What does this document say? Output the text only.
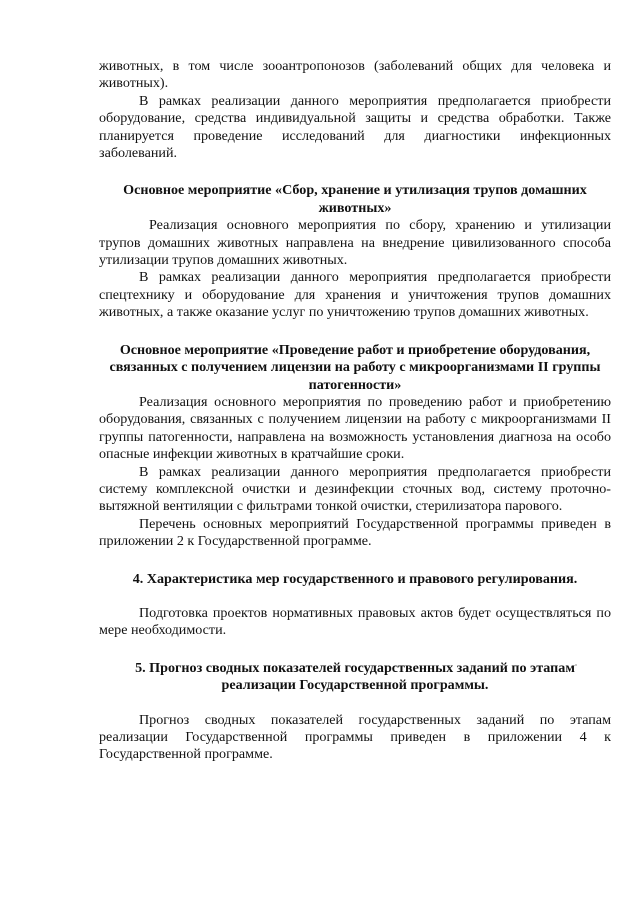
животных, в том числе зооантропонозов (заболеваний общих для человека и животных).

В рамках реализации данного мероприятия предполагается приобрести оборудование, средства индивидуальной защиты и средства обработки. Также планируется проведение исследований для диагностики инфекционных заболеваний.

Основное мероприятие «Сбор, хранение и утилизация трупов домашних животных»

Реализация основного мероприятия по сбору, хранению и утилизации трупов домашних животных направлена на внедрение цивилизованного способа утилизации трупов домашних животных.

В рамках реализации данного мероприятия предполагается приобрести спецтехнику и оборудование для хранения и уничтожения трупов домашних животных, а также оказание услуг по уничтожению трупов домашних животных.

Основное мероприятие «Проведение работ и приобретение оборудования, связанных с получением лицензии на работу с микроорганизмами II группы патогенности»

Реализация основного мероприятия по проведению работ и приобретению оборудования, связанных с получением лицензии на работу с микроорганизмами II группы патогенности, направлена на возможность установления диагноза на особо опасные инфекции животных в кратчайшие сроки.

В рамках реализации данного мероприятия предполагается приобрести систему комплексной очистки и дезинфекции сточных вод, систему проточно-вытяжной вентиляции с фильтрами тонкой очистки, стерилизатора парового.

Перечень основных мероприятий Государственной программы приведен в приложении 2 к Государственной программе.

4. Характеристика мер государственного и правового регулирования.

Подготовка проектов нормативных правовых актов будет осуществляться по мере необходимости.

5. Прогноз сводных показателей государственных заданий по этапам реализации Государственной программы.

Прогноз сводных показателей государственных заданий по этапам реализации Государственной программы приведен в приложении 4 к Государственной программе.
